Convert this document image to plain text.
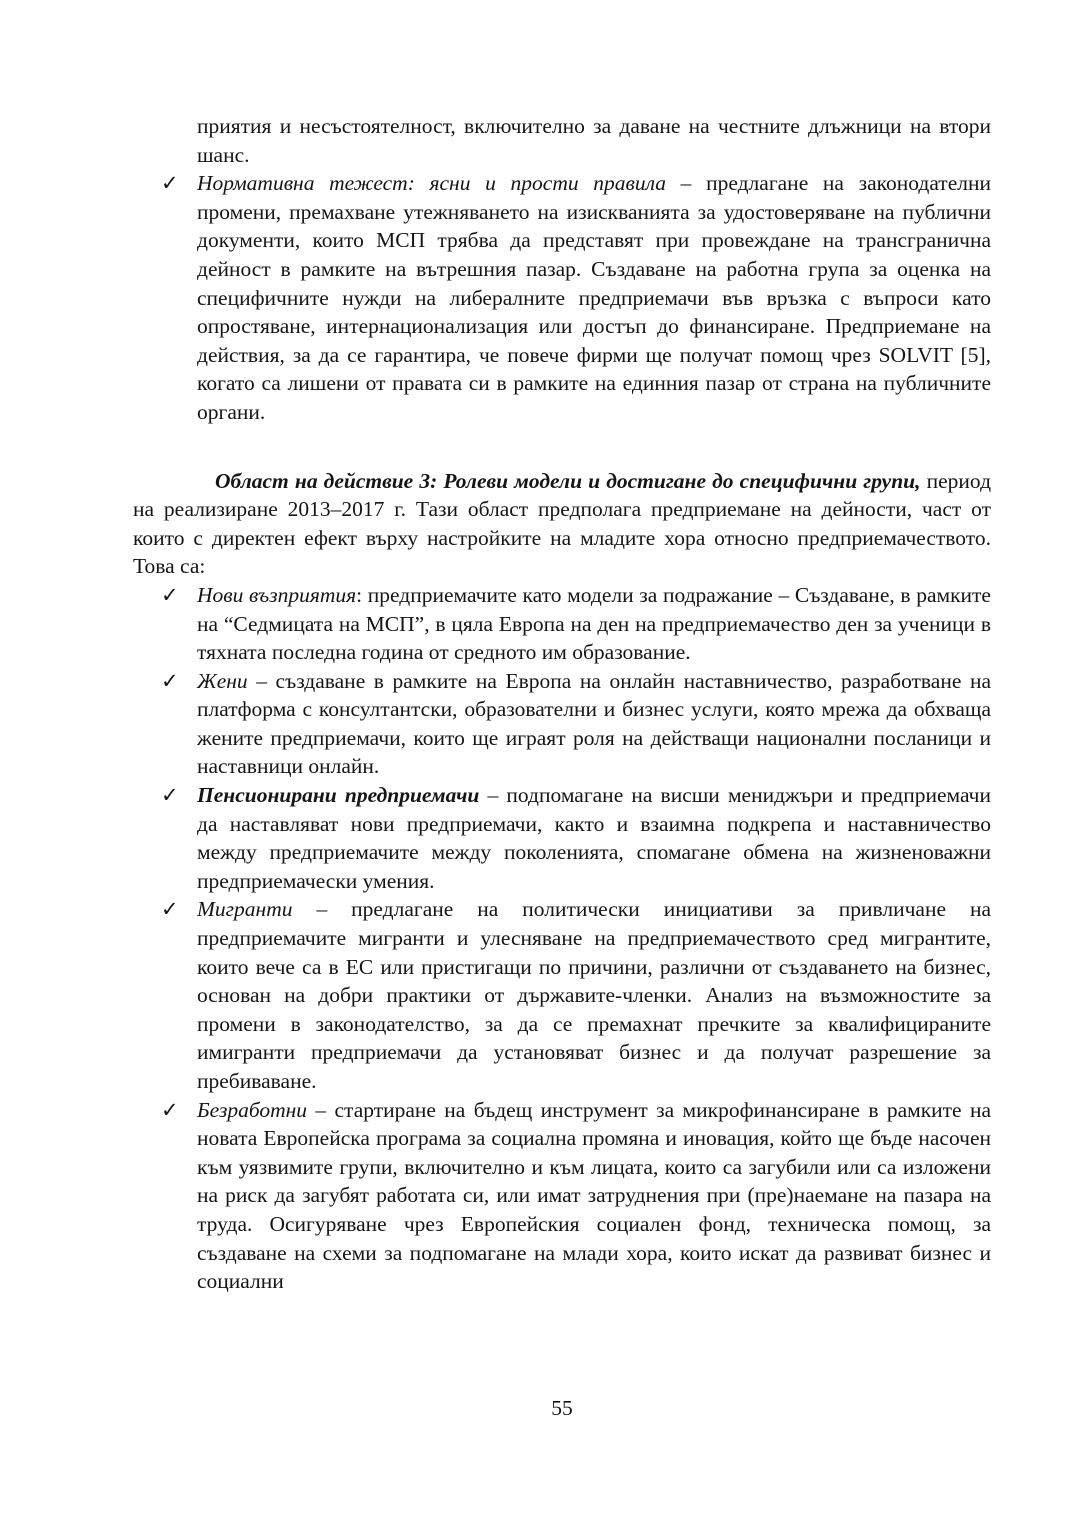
приятия и несъстоятелност, включително за даване на честните длъжници на втори шанс.

✓ Нормативна тежест: ясни и прости правила – предлагане на законодателни промени, премахване утежняването на изискванията за удостоверяване на публични документи, които МСП трябва да представят при провеждане на трансгранична дейност в рамките на вътрешния пазар. Създаване на работна група за оценка на специфичните нужди на либералните предприемачи във връзка с въпроси като опростяване, интернационализация или достъп до финансиране. Предприемане на действия, за да се гарантира, че повече фирми ще получат помощ чрез SOLVIT [5], когато са лишени от правата си в рамките на единния пазар от страна на публичните органи.

Област на действие 3: Ролеви модели и достигане до специфични групи, период на реализиране 2013–2017 г. Тази област предполага предприемане на дейности, част от които с директен ефект върху настройките на младите хора относно предприемачеството. Това са:

✓ Нови възприятия: предприемачите като модели за подражание – Създаване, в рамките на “Седмицата на МСП”, в цяла Европа на ден на предприемачество ден за ученици в тяхната последна година от средното им образование.
✓ Жени – създаване в рамките на Европа на онлайн наставничество, разработване на платформа с консултантски, образователни и бизнес услуги, която мрежа да обхваща жените предприемачи, които ще играят роля на действащи национални посланици и наставници онлайн.
✓ Пенсионирани предприемачи – подпомагане на висши мениджъри и предприемачи да наставляват нови предприемачи, както и взаимна подкрепа и наставничество между предприемачите между поколенията, спомагане обмена на жизненоважни предприемачески умения.
✓ Мигранти – предлагане на политически инициативи за привличане на предприемачите мигранти и улесняване на предприемачеството сред мигрантите, които вече са в ЕС или пристигащи по причини, различни от създаването на бизнес, основан на добри практики от държавите-членки. Анализ на възможностите за промени в законодателство, за да се премахнат пречките за квалифицираните имигранти предприемачи да установяват бизнес и да получат разрешение за пребиваване.
✓ Безработни – стартиране на бъдещ инструмент за микрофинансиране в рамките на новата Европейска програма за социална промяна и иновация, който ще бъде насочен към уязвимите групи, включително и към лицата, които са загубили или са изложени на риск да загубят работата си, или имат затруднения при (пре)наемане на пазара на труда. Осигуряване чрез Европейския социален фонд, техническа помощ, за създаване на схеми за подпомагане на млади хора, които искат да развиват бизнес и социални
55
